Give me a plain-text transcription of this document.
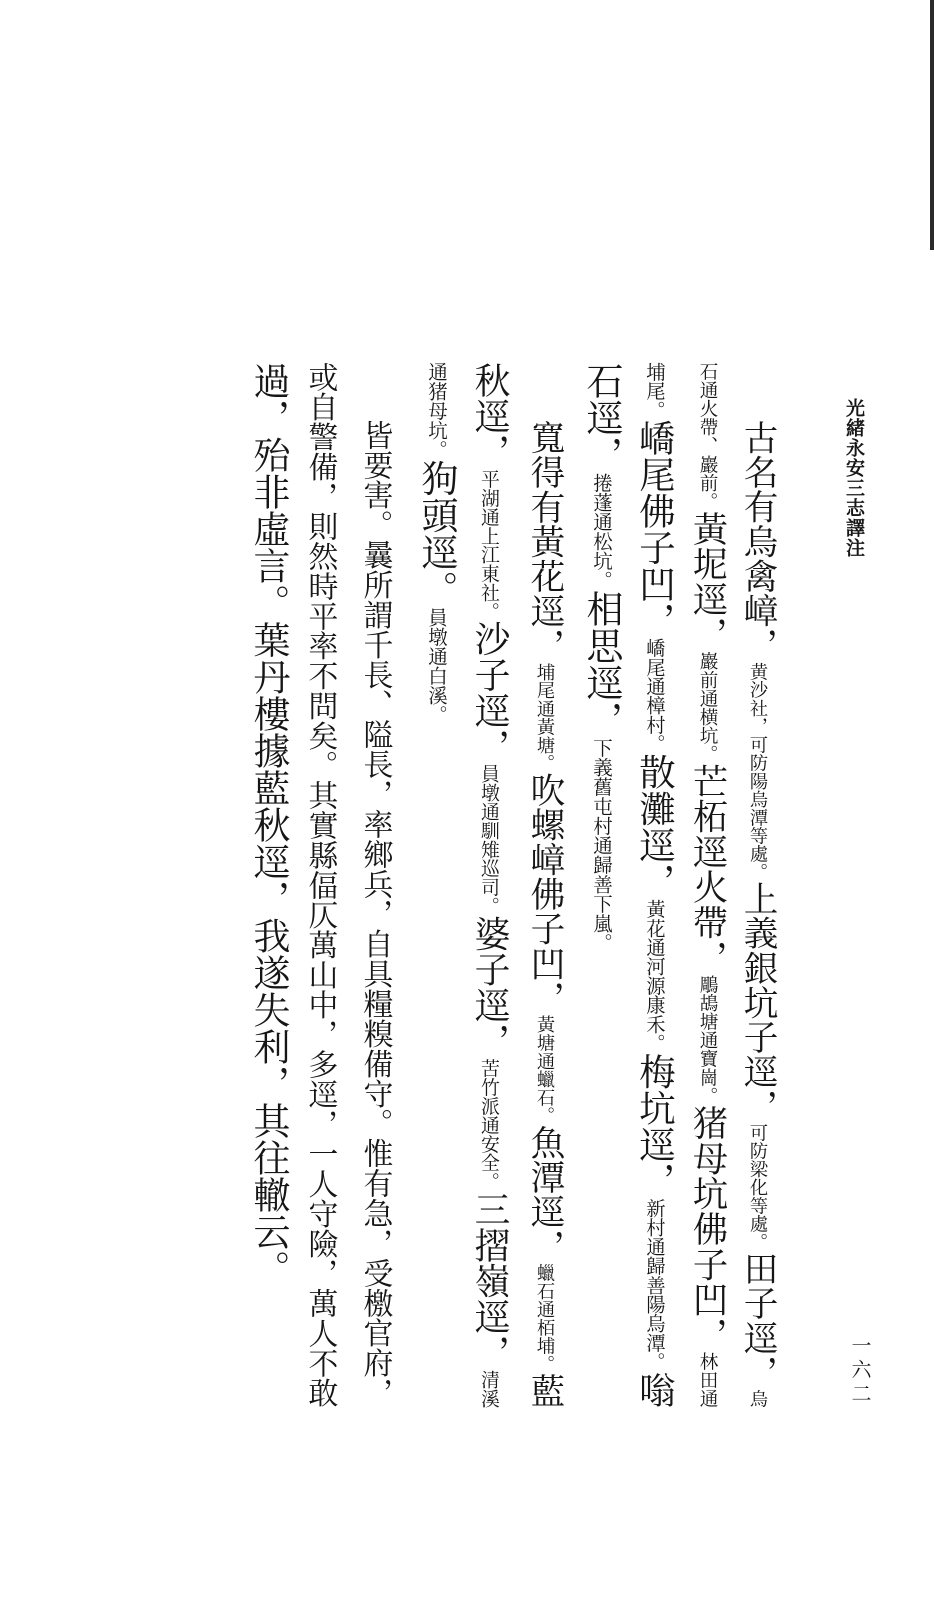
光緒永安三志譯注
古名有烏禽嶂，黄沙社，可防陽烏潭等處。上義銀坑子逕，可防梁化等處。田子逕，烏
石通火帶、巖前。黃坭逕，巖前通横坑。芒柘逕火帶，鵰鴣塘通寶崗。猪母坑佛子凹，林田通
埔尾。嶠尾佛子凹，嶠尾通樟村。散灘逕，黃花通河源康禾。梅坑逕，新村通歸善陽烏潭。嗡
石逕，捲蓬通松坑。相思逕，下義舊屯村通歸善下嵐。
寬得有黃花逕，埔尾通黃塘。吹螺嶂佛子凹，黃塘通蠟石。魚潭逕，蠟石通栢埔。藍
秋逕，平湖通上江東社。沙子逕，員墩通馴雉巡司。婆子逕，苦竹派通安全。三摺嶺逕，清溪
通猪母坑。狗頭逕。員墩通白溪。
皆要害。曩所謂千長、隘長，率鄉兵，自具糧糗備守。惟有急，受檄官府，
或自警備，則然時平率不問矣。其實縣偪仄萬山中，多逕，一人守險，萬人不敢
過，殆非虛言。葉丹樓據藍秋逕，我遂失利，其往轍云。
一六二
